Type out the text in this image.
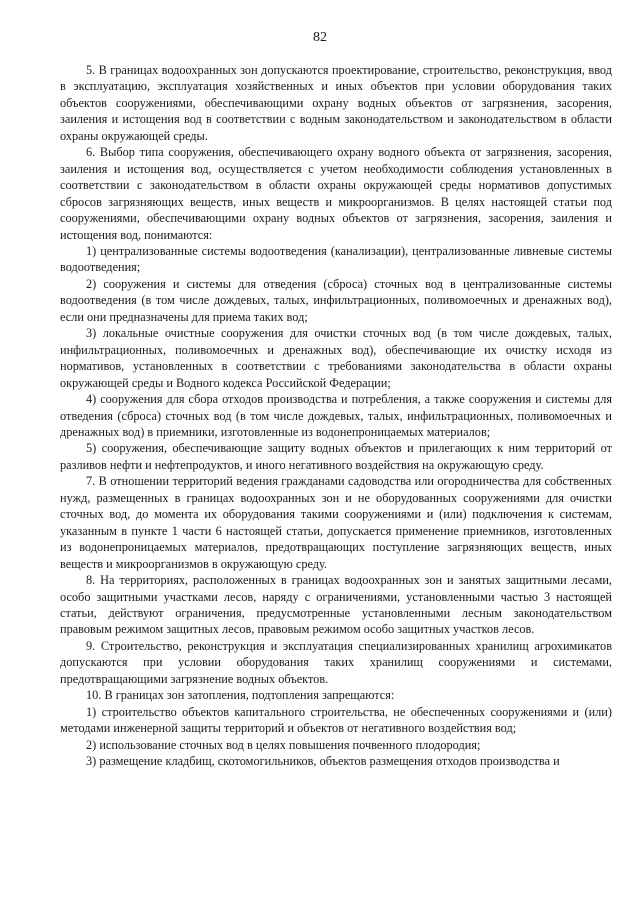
82

5. В границах водоохранных зон допускаются проектирование, строительство, реконструкция, ввод в эксплуатацию, эксплуатация хозяйственных и иных объектов при условии оборудования таких объектов сооружениями, обеспечивающими охрану водных объектов от загрязнения, засорения, заиления и истощения вод в соответствии с водным законодательством и законодательством в области охраны окружающей среды.

6. Выбор типа сооружения, обеспечивающего охрану водного объекта от загрязнения, засорения, заиления и истощения вод, осуществляется с учетом необходимости соблюдения установленных в соответствии с законодательством в области охраны окружающей среды нормативов допустимых сбросов загрязняющих веществ, иных веществ и микроорганизмов. В целях настоящей статьи под сооружениями, обеспечивающими охрану водных объектов от загрязнения, засорения, заиления и истощения вод, понимаются:

1) централизованные системы водоотведения (канализации), централизованные ливневые системы водоотведения;

2) сооружения и системы для отведения (сброса) сточных вод в централизованные системы водоотведения (в том числе дождевых, талых, инфильтрационных, поливомоечных и дренажных вод), если они предназначены для приема таких вод;

3) локальные очистные сооружения для очистки сточных вод (в том числе дождевых, талых, инфильтрационных, поливомоечных и дренажных вод), обеспечивающие их очистку исходя из нормативов, установленных в соответствии с требованиями законодательства в области охраны окружающей среды и Водного кодекса Российской Федерации;

4) сооружения для сбора отходов производства и потребления, а также сооружения и системы для отведения (сброса) сточных вод (в том числе дождевых, талых, инфильтрационных, поливомоечных и дренажных вод) в приемники, изготовленные из водонепроницаемых материалов;

5) сооружения, обеспечивающие защиту водных объектов и прилегающих к ним территорий от разливов нефти и нефтепродуктов, и иного негативного воздействия на окружающую среду.

7. В отношении территорий ведения гражданами садоводства или огородничества для собственных нужд, размещенных в границах водоохранных зон и не оборудованных сооружениями для очистки сточных вод, до момента их оборудования такими сооружениями и (или) подключения к системам, указанным в пункте 1 части 6 настоящей статьи, допускается применение приемников, изготовленных из водонепроницаемых материалов, предотвращающих поступление загрязняющих веществ, иных веществ и микроорганизмов в окружающую среду.

8. На территориях, расположенных в границах водоохранных зон и занятых защитными лесами, особо защитными участками лесов, наряду с ограничениями, установленными частью 3 настоящей статьи, действуют ограничения, предусмотренные установленными лесным законодательством правовым режимом защитных лесов, правовым режимом особо защитных участков лесов.

9. Строительство, реконструкция и эксплуатация специализированных хранилищ агрохимикатов допускаются при условии оборудования таких хранилищ сооружениями и системами, предотвращающими загрязнение водных объектов.

10. В границах зон затопления, подтопления запрещаются:

1) строительство объектов капитального строительства, не обеспеченных сооружениями и (или) методами инженерной защиты территорий и объектов от негативного воздействия вод;

2) использование сточных вод в целях повышения почвенного плодородия;

3) размещение кладбищ, скотомогильников, объектов размещения отходов производства и
